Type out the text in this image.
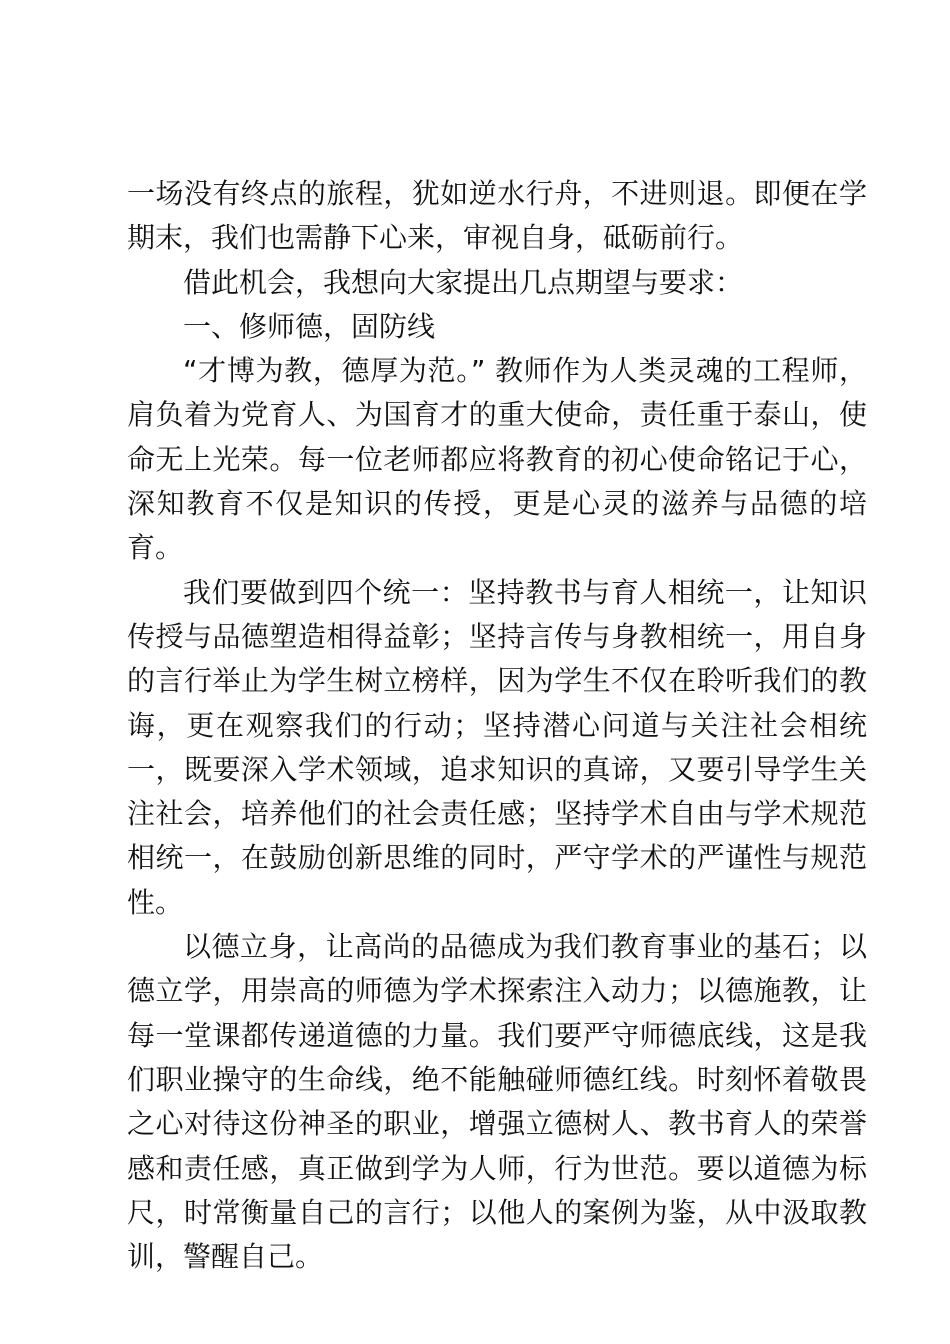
一场没有终点的旅程，犹如逆水行舟，不进则退。即便在学期末，我们也需静下心来，审视自身，砥砺前行。

借此机会，我想向大家提出几点期望与要求：

一、修师德，固防线

“才博为教，德厚为范。” 教师作为人类灵魂的工程师，肩负着为党育人、为国育才的重大使命，责任重于泰山，使命无上光荣。每一位老师都应将教育的初心使命铭记于心，深知教育不仅是知识的传授，更是心灵的滋养与品德的培育。

我们要做到四个统一：坚持教书与育人相统一，让知识传授与品德塑造相得益彰；坚持言传与身教相统一，用自身的言行举止为学生树立榜样，因为学生不仅在聆听我们的教诲，更在观察我们的行动；坚持潜心问道与关注社会相统一，既要深入学术领域，追求知识的真谛，又要引导学生关注社会，培养他们的社会责任感；坚持学术自由与学术规范相统一，在鼓励创新思维的同时，严守学术的严谨性与规范性。

以德立身，让高尚的品德成为我们教育事业的基石；以德立学，用崇高的师德为学术探索注入动力；以德施教，让每一堂课都传递道德的力量。我们要严守师德底线，这是我们职业操守的生命线，绝不能触碰师德红线。时刻怀着敬畏之心对待这份神圣的职业，增强立德树人、教书育人的荣誉感和责任感，真正做到学为人师，行为世范。要以道德为标尺，时常衡量自己的言行；以他人的案例为鉴，从中汲取教训，警醒自己。
